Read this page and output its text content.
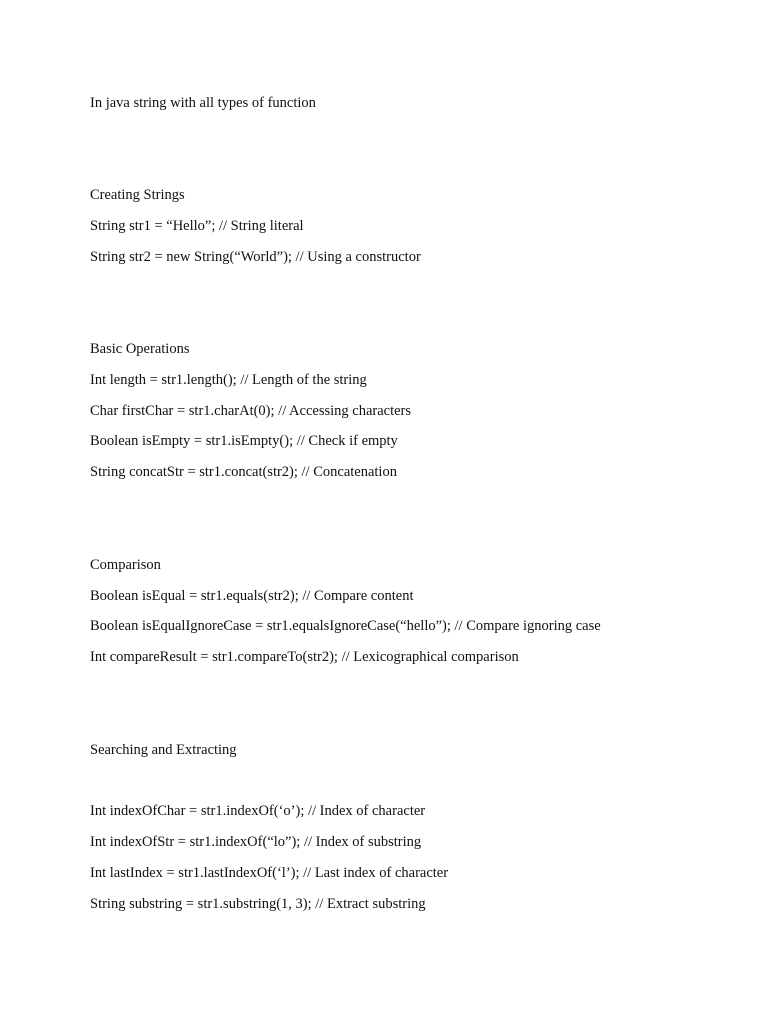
In java string with all types of function
Creating Strings
String str1 = “Hello”; // String literal
String str2 = new String(“World”); // Using a constructor
Basic Operations
Int length = str1.length(); // Length of the string
Char firstChar = str1.charAt(0); // Accessing characters
Boolean isEmpty = str1.isEmpty(); // Check if empty
String concatStr = str1.concat(str2); // Concatenation
Comparison
Boolean isEqual = str1.equals(str2); // Compare content
Boolean isEqualIgnoreCase = str1.equalsIgnoreCase(“hello”); // Compare ignoring case
Int compareResult = str1.compareTo(str2); // Lexicographical comparison
Searching and Extracting
Int indexOfChar = str1.indexOf(‘o’); // Index of character
Int indexOfStr = str1.indexOf(“lo”); // Index of substring
Int lastIndex = str1.lastIndexOf(‘l’); // Last index of character
String substring = str1.substring(1, 3); // Extract substring
